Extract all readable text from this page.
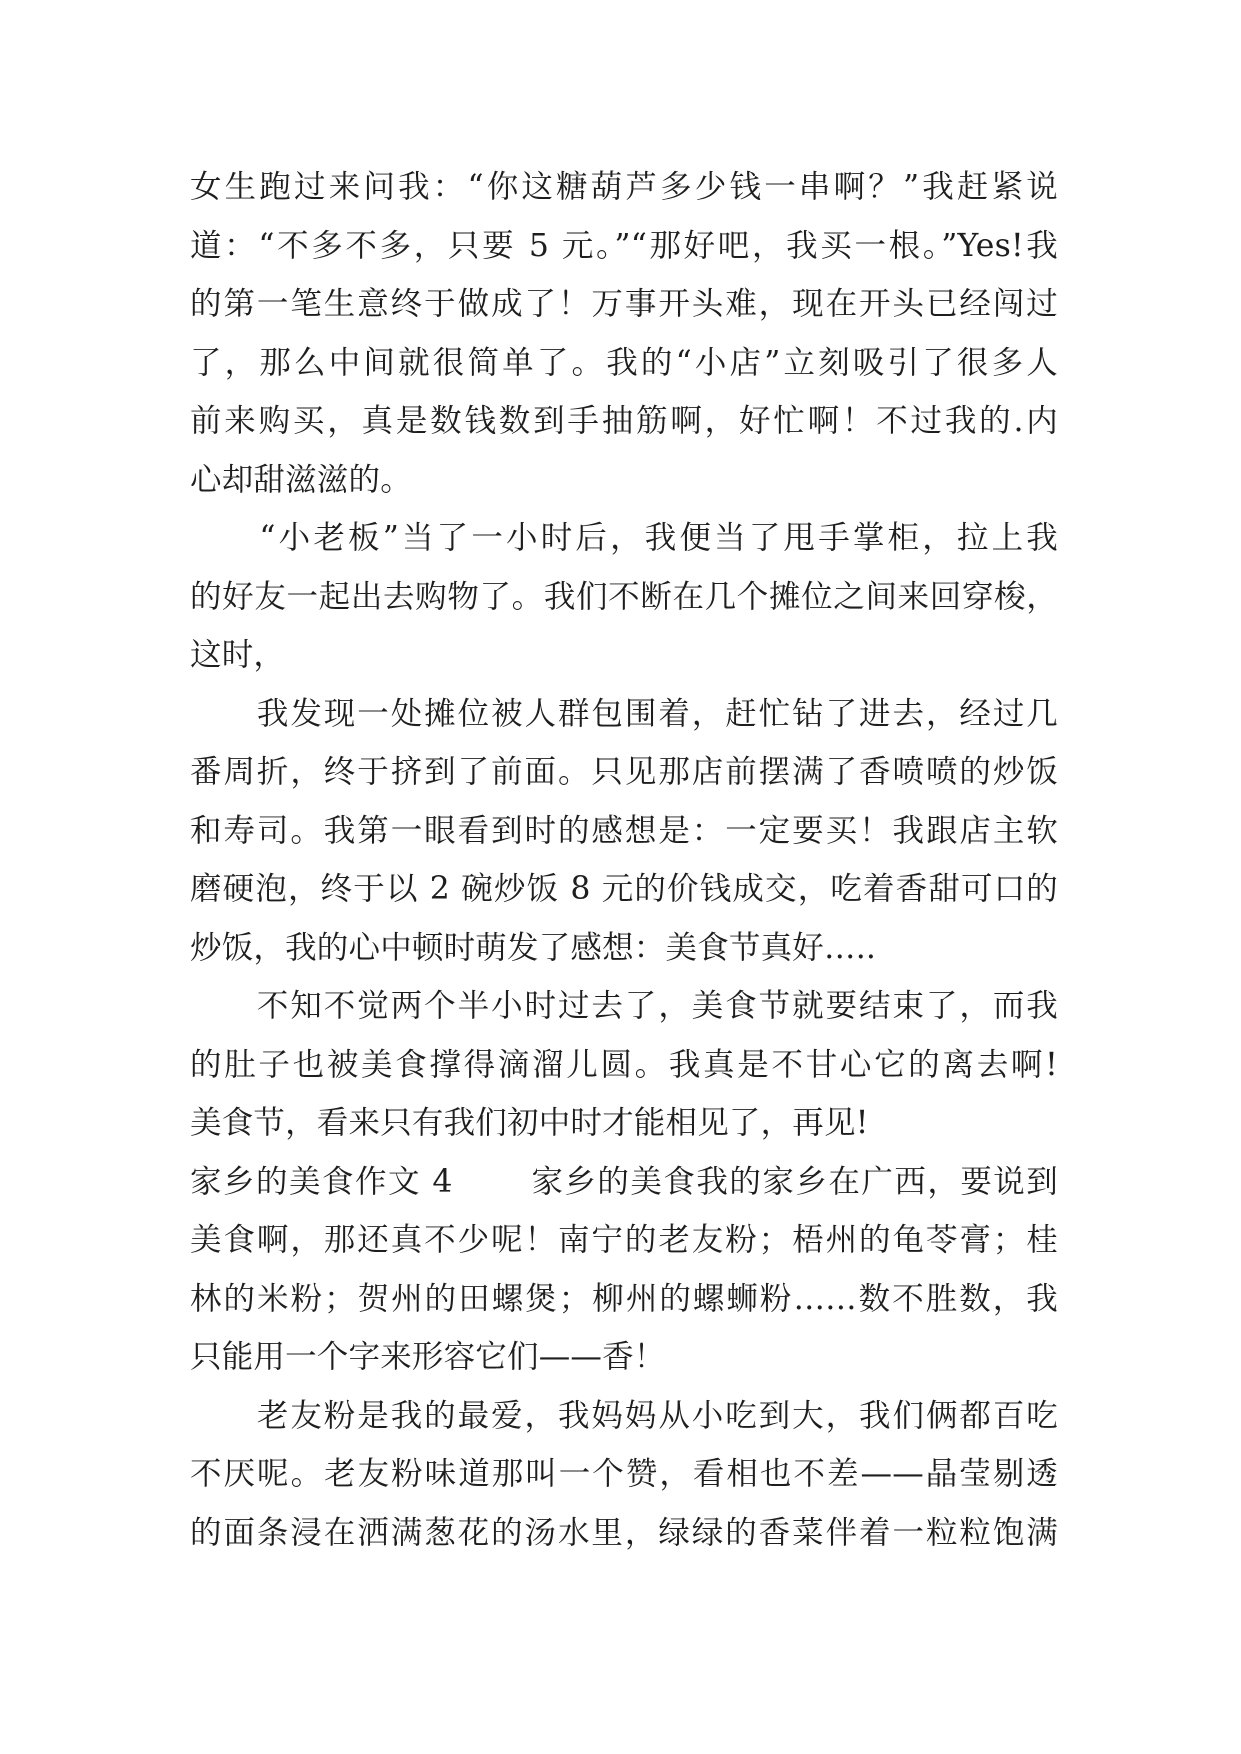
女生跑过来问我：“你这糖葫芦多少钱一串啊？”我赶紧说
道：“不多不多，只要 5 元。”“那好吧，我买一根。”Yes!我
的第一笔生意终于做成了！万事开头难，现在开头已经闯过
了，那么中间就很简单了。我的“小店”立刻吸引了很多人
前来购买，真是数钱数到手抽筋啊，好忙啊！不过我的.内
心却甜滋滋的。
　　“小老板”当了一小时后，我便当了甩手掌柜，拉上我
的好友一起出去购物了。我们不断在几个摊位之间来回穿梭，
这时，
　　我发现一处摊位被人群包围着，赶忙钻了进去，经过几
番周折，终于挤到了前面。只见那店前摆满了香喷喷的炒饭
和寿司。我第一眼看到时的感想是：一定要买！我跟店主软
磨硬泡，终于以 2 碗炒饭 8 元的价钱成交，吃着香甜可口的
炒饭，我的心中顿时萌发了感想：美食节真好…..
　　不知不觉两个半小时过去了，美食节就要结束了，而我
的肚子也被美食撑得滴溜儿圆。我真是不甘心它的离去啊!
美食节，看来只有我们初中时才能相见了，再见!
家乡的美食作文 4　　 家乡的美食我的家乡在广西，要说到
美食啊，那还真不少呢！南宁的老友粉；梧州的龟苓膏；桂
林的米粉；贺州的田螺煲；柳州的螺蛳粉……数不胜数，我
只能用一个字来形容它们——香！
　　老友粉是我的最爱，我妈妈从小吃到大，我们俩都百吃
不厌呢。老友粉味道那叫一个赞，看相也不差——晶莹剔透
的面条浸在洒满葱花的汤水里，绿绿的香菜伴着一粒粒饱满
